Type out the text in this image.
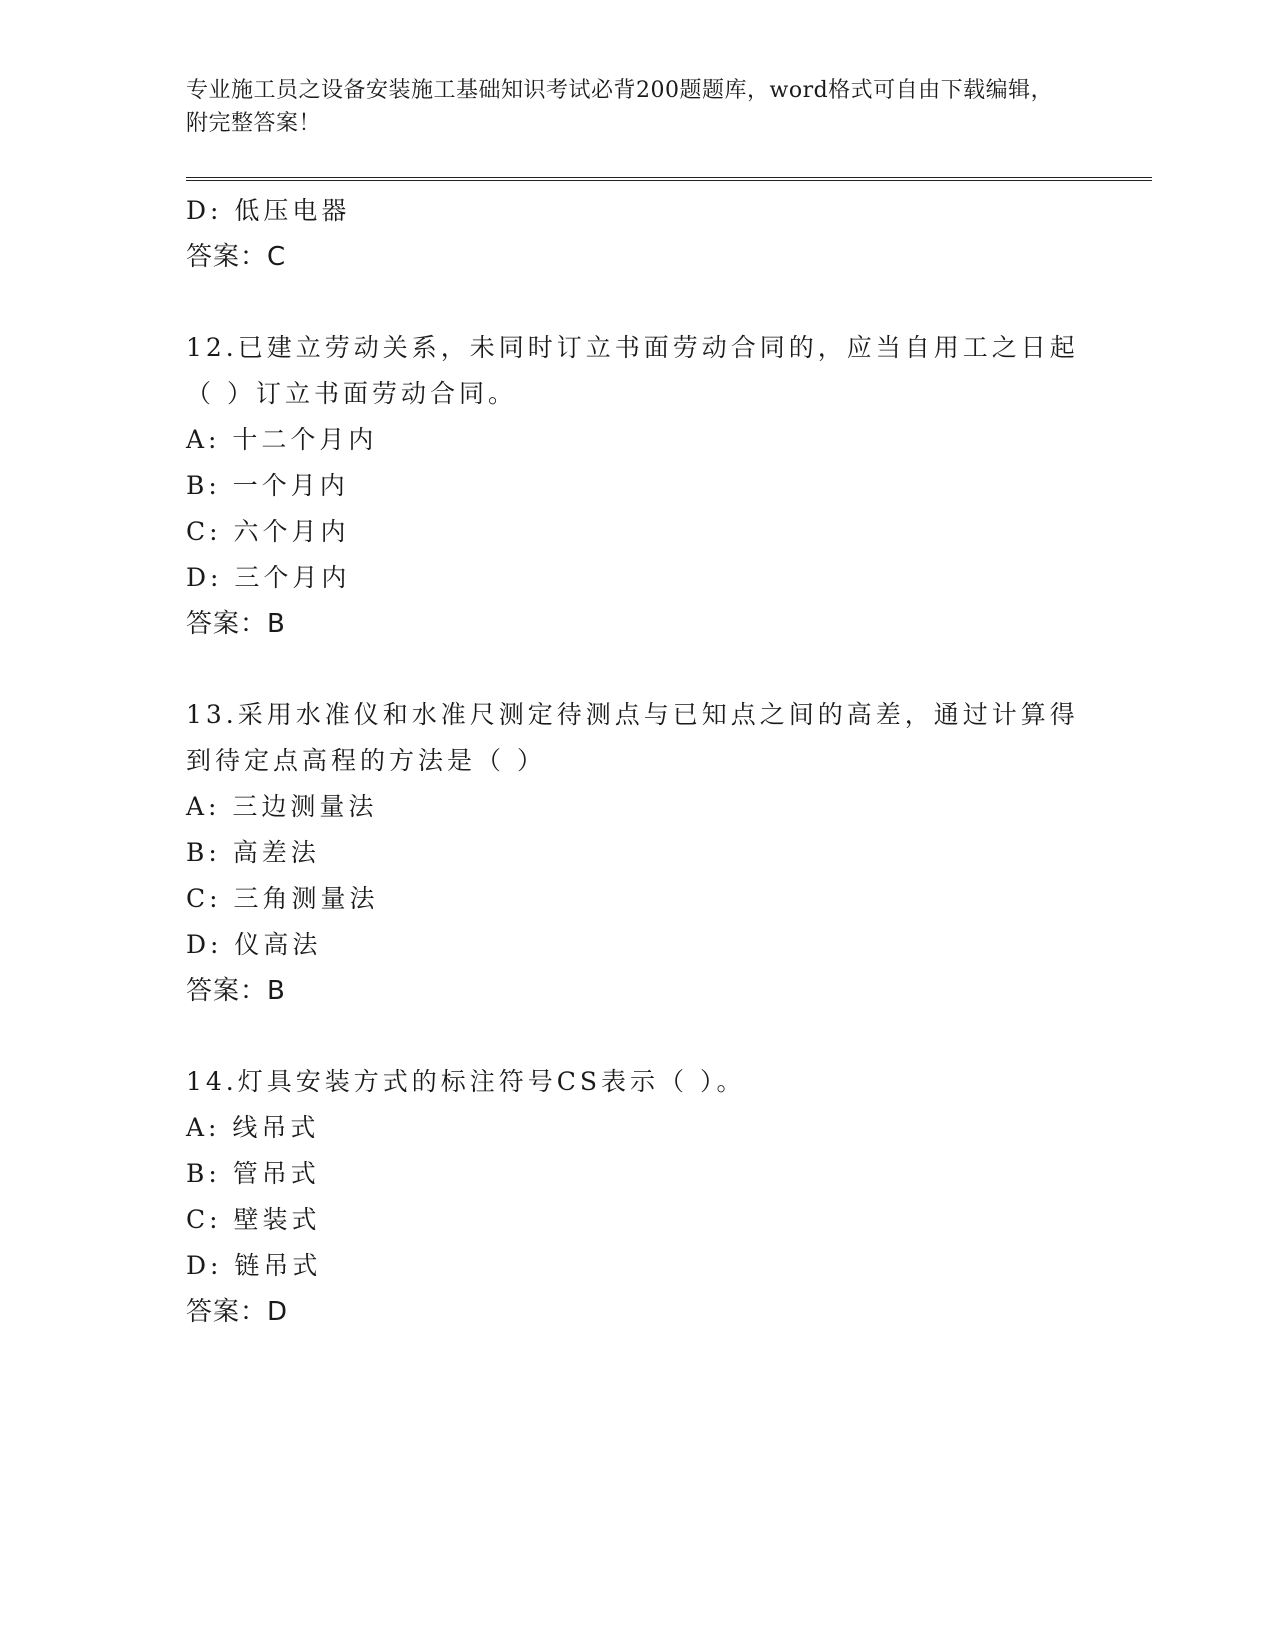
专业施工员之设备安装施工基础知识考试必背200题题库，word格式可自由下载编辑，附完整答案！
D: 低压电器
答案：C
12.已建立劳动关系，未同时订立书面劳动合同的，应当自用工之日起（ ）订立书面劳动合同。
A: 十二个月内
B: 一个月内
C: 六个月内
D: 三个月内
答案：B
13.采用水准仪和水准尺测定待测点与已知点之间的高差，通过计算得到待定点高程的方法是（ ）
A: 三边测量法
B: 高差法
C: 三角测量法
D: 仪高法
答案：B
14.灯具安装方式的标注符号CS表示（ ）。
A: 线吊式
B: 管吊式
C: 壁装式
D: 链吊式
答案：D
